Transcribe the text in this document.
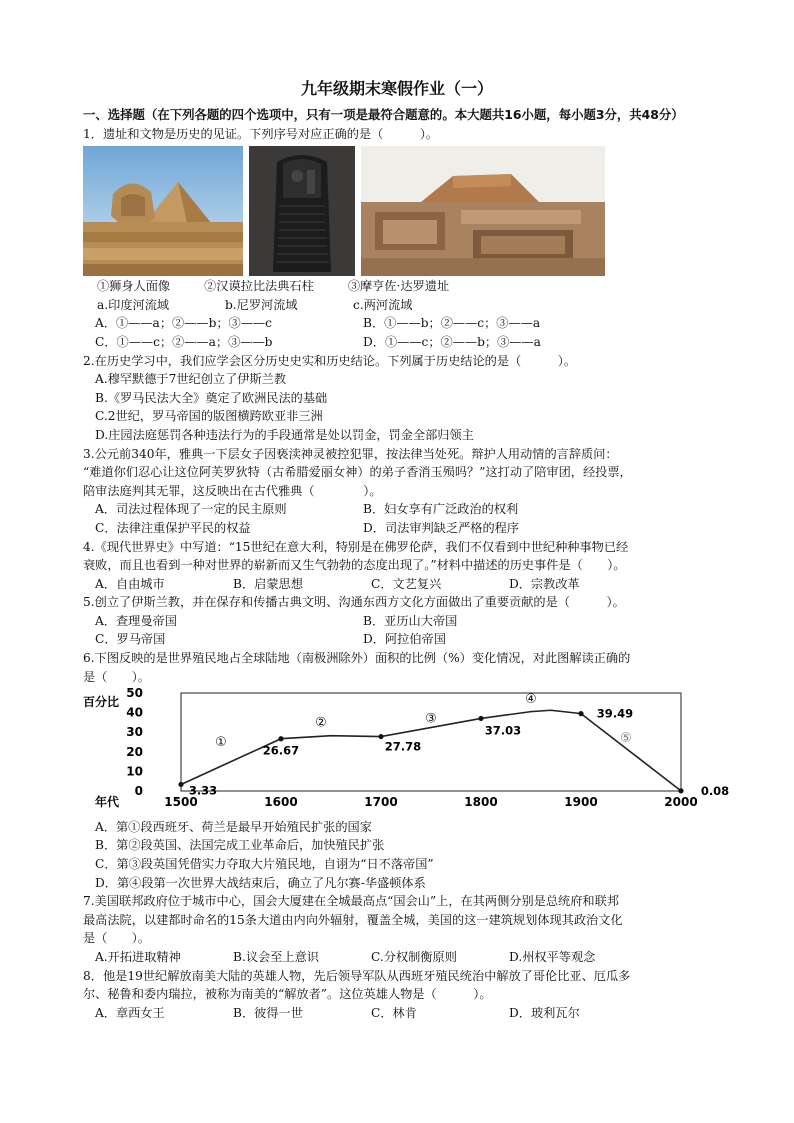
九年级期末寒假作业（一）

一、选择题（在下列各题的四个选项中，只有一项是最符合题意的。本大题共16小题，每小题3分，共48分）

1．遗址和文物是历史的见证。下列序号对应正确的是（　　　）。

①狮身人面像	②汉谟拉比法典石柱	③摩亨佐·达罗遗址
a.印度河流域	b.尼罗河流域	c.两河流域
A．①——a；②——b；③——c	B．①——b；②——c；③——a
C．①——c；②——a；③——b	D．①——c；②——b；③——a

2.在历史学习中，我们应学会区分历史史实和历史结论。下列属于历史结论的是（　　　）。

A.穆罕默德于7世纪创立了伊斯兰教

B.《罗马民法大全》奠定了欧洲民法的基础

C.2世纪，罗马帝国的版图横跨欧亚非三洲

D.庄园法庭惩罚各种违法行为的手段通常是处以罚金，罚金全部归领主

3.公元前340年，雅典一下层女子因亵渎神灵被控犯罪，按法律当处死。辩护人用动情的言辞质问：

“难道你们忍心让这位阿芙罗狄特（古希腊爱丽女神）的弟子香消玉殒吗？”这打动了陪审团，经投票，

陪审法庭判其无罪，这反映出在古代雅典（　　　　）。

A．司法过程体现了一定的民主原则	B．妇女享有广泛政治的权利
C．法律注重保护平民的权益	D．司法审判缺乏严格的程序

4.《现代世界史》中写道：“15世纪在意大利，特别是在佛罗伦萨，我们不仅看到中世纪种种事物已经

衰败，而且也看到一种对世界的崭新而又生气勃勃的态度出现了。”材料中描述的历史事件是（　　）。

A．自由城市	B．启蒙思想	C．文艺复兴	D．宗教改革

5.创立了伊斯兰教，并在保存和传播古典文明、沟通东西方文化方面做出了重要贡献的是（　　　）。

A．查理曼帝国	B．亚历山大帝国
C．罗马帝国	D．阿拉伯帝国

6.下图反映的是世界殖民地占全球陆地（南极洲除外）面积的比例（%）变化情况，对此图解读正确的

是（　　）。

百分比
年代
0
10
20
30
40
50
1500	1600	1700	1800	1900	2000
3.33
26.67	27.78
37.03
39.49
0.08
①
②	③
④
⑤

A．第①段西班牙、荷兰是最早开始殖民扩张的国家

B．第②段英国、法国完成工业革命后，加快殖民扩张

C．第③段英国凭借实力夺取大片殖民地，自诩为“日不落帝国”

D．第④段第一次世界大战结束后，确立了凡尔赛-华盛顿体系

7.美国联邦政府位于城市中心，国会大厦建在全城最高点“国会山”上，在其两侧分别是总统府和联邦

最高法院，以建都时命名的15条大道由内向外辐射，覆盖全城，美国的这一建筑规划体现其政治文化

是（　　）。

A.开拓进取精神	B.议会至上意识	C.分权制衡原则	D.州权平等观念

8．他是19世纪解放南美大陆的英雄人物，先后领导军队从西班牙殖民统治中解放了哥伦比亚、厄瓜多

尔、秘鲁和委内瑞拉，被称为南美的“解放者”。这位英雄人物是（　　　）。

A．章西女王	B．彼得一世	C．林肯	D．玻利瓦尔
